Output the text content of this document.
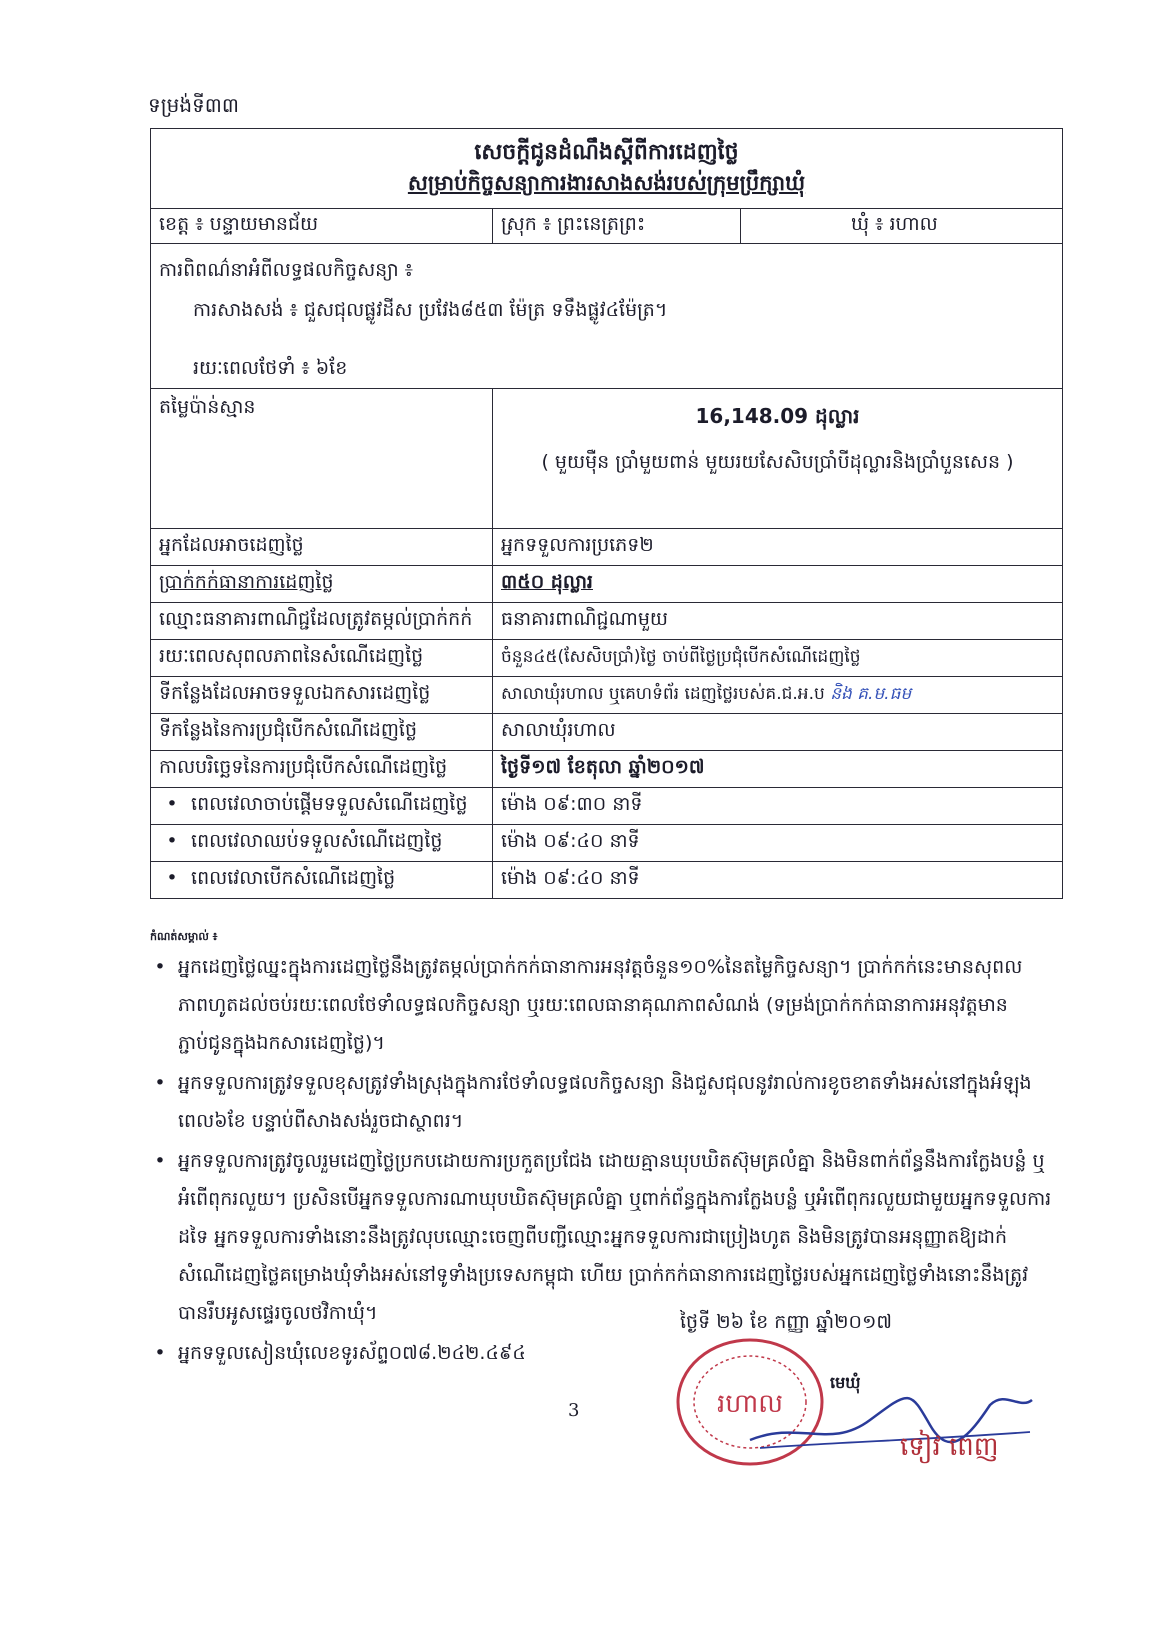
ទម្រង់ទី៣៣
សេចក្តីជូនដំណឹងស្តីពីការដេញថ្លៃ
សម្រាប់កិច្ចសន្យាការងារសាងសង់របស់ក្រុមប្រឹក្សាឃុំ		

ខេត្ត ៖ បន្ទាយមានជ័យ	ស្រុក ៖ ព្រះនេត្រព្រះ	ឃុំ ៖ រហាល

ការពិពណ៌នាអំពីលទ្ធផលកិច្ចសន្យា ៖
ការសាងសង់ ៖ ជួសជុលផ្លូវដីស ប្រវែង៨៥៣ ម៉ែត្រ ទទឹងផ្លូវ៤ម៉ែត្រ។
រយៈពេលថែទាំ ៖ ៦ខែ		

តម្លៃប៉ាន់ស្មាន	16,148.09 ដុល្លារ
( មួយម៉ឺន ប្រាំមួយពាន់ មួយរយសែសិបប្រាំបីដុល្លារនិងប្រាំបួនសេន )	

អ្នកដែលអាចដេញថ្លៃ	អ្នកទទួលការប្រភេទ២	
ប្រាក់កក់ធានាការដេញថ្លៃ	៣៥០ ដុល្លារ	
ឈ្មោះធនាគារពាណិជ្ជដែលត្រូវតម្កល់ប្រាក់កក់	ធនាគារពាណិជ្ជណាមួយ	
រយៈពេលសុពលភាពនៃសំណើដេញថ្លៃ	ចំនួន៤៥(សែសិបប្រាំ)ថ្ងៃ ចាប់ពីថ្ងៃប្រជុំបើកសំណើដេញថ្លៃ	
ទីកន្លែងដែលអាចទទួលឯកសារដេញថ្លៃ	សាលាឃុំរហាល ឬគេហទំព័រ ដេញថ្លៃរបស់គ.ជ.អ.ប និង គ.ម.ធម	
ទីកន្លែងនៃការប្រជុំបើកសំណើដេញថ្លៃ	សាលាឃុំរហាល	
កាលបរិច្ឆេទនៃការប្រជុំបើកសំណើដេញថ្លៃ	ថ្ងៃទី១៧ ខែតុលា ឆ្នាំ២០១៧	
• ពេលវេលាចាប់ផ្តើមទទួលសំណើដេញថ្លៃ	ម៉ោង ០៩:៣០ នាទី	
• ពេលវេលាឈប់ទទួលសំណើដេញថ្លៃ	ម៉ោង ០៩:៤០ នាទី	
• ពេលវេលាបើកសំណើដេញថ្លៃ	ម៉ោង ០៩:៤០ នាទី	
កំណត់សម្គាល់ ៖
• អ្នកដេញថ្លៃឈ្នះក្នុងការដេញថ្លៃនឹងត្រូវតម្កល់ប្រាក់កក់ធានាការអនុវត្តចំនួន១០%នៃតម្លៃកិច្ចសន្យា។ ប្រាក់កក់នេះមានសុពលភាពហូតដល់ចប់រយៈពេលថែទាំលទ្ធផលកិច្ចសន្យា ឬរយៈពេលធានាគុណភាពសំណង់ (ទម្រង់ប្រាក់កក់ធានាការអនុវត្តមានភ្ជាប់ជូនក្នុងឯកសារដេញថ្លៃ)។
• អ្នកទទួលការត្រូវទទួលខុសត្រូវទាំងស្រុងក្នុងការថែទាំលទ្ធផលកិច្ចសន្យា និងជួសជុលនូវរាល់ការខូចខាតទាំងអស់នៅក្នុងអំឡុងពេល៦ខែ បន្ទាប់ពីសាងសង់រួចជាស្ថាពរ។
• អ្នកទទួលការត្រូវចូលរួមដេញថ្លៃប្រកបដោយការប្រកួតប្រជែង ដោយគ្មានឃុបឃិតស៊ុមគ្រលំគ្នា និងមិនពាក់ព័ន្ធនឹងការក្លែងបន្លំ ឬអំពើពុករលួយ។ ប្រសិនបើអ្នកទទួលការណាឃុបឃិតស៊ុមគ្រលំគ្នា ឬពាក់ព័ន្ធក្នុងការក្លែងបន្លំ ឬអំពើពុករលួយជាមួយអ្នកទទួលការដទៃ អ្នកទទួលការទាំងនោះនឹងត្រូវលុបឈ្មោះចេញពីបញ្ជីឈ្មោះអ្នកទទួលការជាប្រៀងហូត និងមិនត្រូវបានអនុញ្ញាតឱ្យដាក់សំណើដេញថ្លៃគម្រោងឃុំទាំងអស់នៅទូទាំងប្រទេសកម្ពុជា ហើយ ប្រាក់កក់ធានាការដេញថ្លៃរបស់អ្នកដេញថ្លៃទាំងនោះនឹងត្រូវបានរឹបអូសផ្ទេរចូលថវិកាឃុំ។
• អ្នកទទួលសៀនឃុំលេខទូរស័ព្ទ០៧៨.២៤២.៤៩៤
ថ្ងៃទី ២៦ ខែ កញ្ញា ឆ្នាំ២០១៧
រហាល
មេឃុំ
ទៀវ ពេញ
3
